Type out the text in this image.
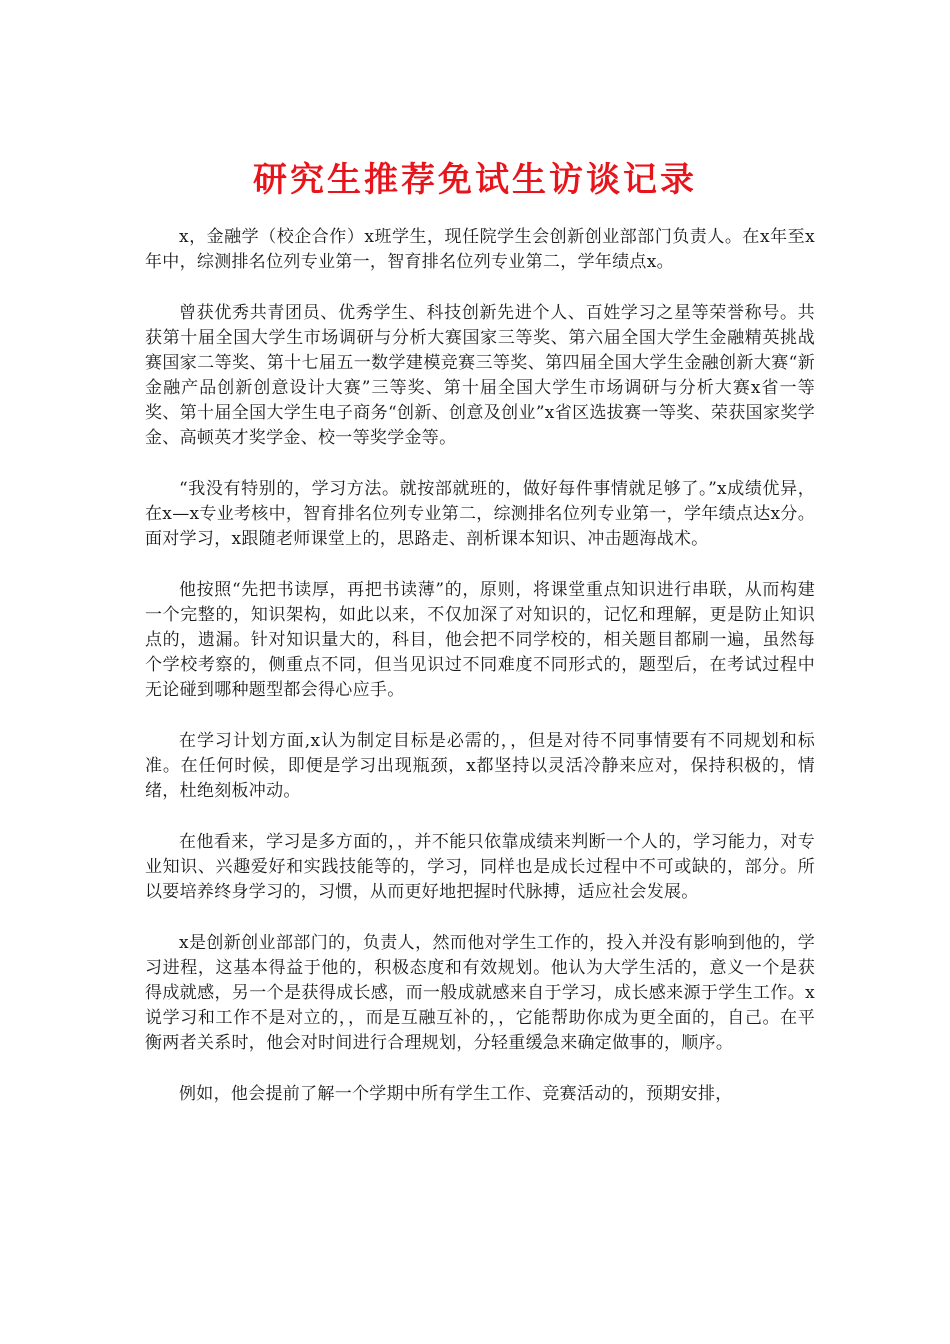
研究生推荐免试生访谈记录

x，金融学（校企合作）x班学生，现任院学生会创新创业部部门负责人。在x年至x年中，综测排名位列专业第一，智育排名位列专业第二，学年绩点x。

曾获优秀共青团员、优秀学生、科技创新先进个人、百姓学习之星等荣誉称号。共获第十届全国大学生市场调研与分析大赛国家三等奖、第六届全国大学生金融精英挑战赛国家二等奖、第十七届五一数学建模竞赛三等奖、第四届全国大学生金融创新大赛“新金融产品创新创意设计大赛”三等奖、第十届全国大学生市场调研与分析大赛x省一等奖、第十届全国大学生电子商务“创新、创意及创业”x省区选拔赛一等奖、荣获国家奖学金、高顿英才奖学金、校一等奖学金等。

“我没有特别的，学习方法。就按部就班的，做好每件事情就足够了。”x成绩优异，在x—x专业考核中，智育排名位列专业第二，综测排名位列专业第一，学年绩点达x分。面对学习，x跟随老师课堂上的，思路走、剖析课本知识、冲击题海战术。

他按照“先把书读厚，再把书读薄”的，原则，将课堂重点知识进行串联，从而构建一个完整的，知识架构，如此以来，不仅加深了对知识的，记忆和理解，更是防止知识点的，遗漏。针对知识量大的，科目，他会把不同学校的，相关题目都刷一遍，虽然每个学校考察的，侧重点不同，但当见识过不同难度不同形式的，题型后，在考试过程中无论碰到哪种题型都会得心应手。

在学习计划方面,x认为制定目标是必需的，，但是对待不同事情要有不同规划和标准。在任何时候，即便是学习出现瓶颈，x都坚持以灵活冷静来应对，保持积极的，情绪，杜绝刻板冲动。

在他看来，学习是多方面的，，并不能只依靠成绩来判断一个人的，学习能力，对专业知识、兴趣爱好和实践技能等的，学习，同样也是成长过程中不可或缺的，部分。所以要培养终身学习的，习惯，从而更好地把握时代脉搏，适应社会发展。

x是创新创业部部门的，负责人，然而他对学生工作的，投入并没有影响到他的，学习进程，这基本得益于他的，积极态度和有效规划。他认为大学生活的，意义一个是获得成就感，另一个是获得成长感，而一般成就感来自于学习，成长感来源于学生工作。x说学习和工作不是对立的，，而是互融互补的，，它能帮助你成为更全面的，自己。在平衡两者关系时，他会对时间进行合理规划，分轻重缓急来确定做事的，顺序。

例如，他会提前了解一个学期中所有学生工作、竞赛活动的，预期安排，
